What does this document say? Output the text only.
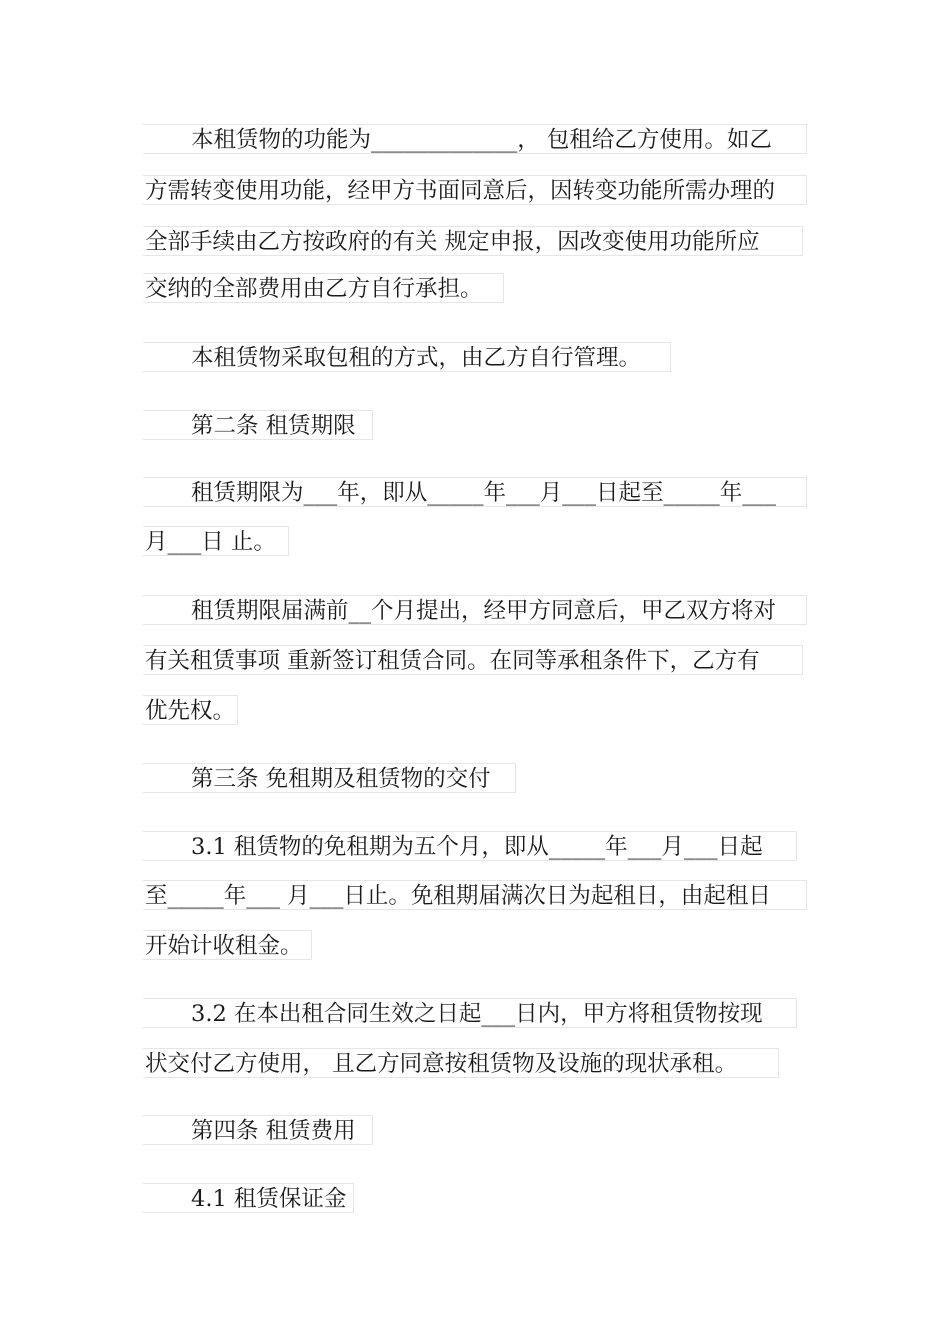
本租赁物的功能为_____________， 包租给乙方使用。如乙
方需转变使用功能，经甲方书面同意后，因转变功能所需办理的
全部手续由乙方按政府的有关 规定申报，因改变使用功能所应
交纳的全部费用由乙方自行承担。
本租赁物采取包租的方式，由乙方自行管理。
第二条 租赁期限
租赁期限为___年，即从_____年___月___日起至_____年___
月___日 止。
租赁期限届满前__个月提出，经甲方同意后，甲乙双方将对
有关租赁事项 重新签订租赁合同。在同等承租条件下，乙方有
优先权。
第三条 免租期及租赁物的交付
3.1 租赁物的免租期为五个月，即从_____年___月___日起
至_____年___ 月___日止。免租期届满次日为起租日，由起租日
开始计收租金。
3.2 在本出租合同生效之日起___日内，甲方将租赁物按现
状交付乙方使用， 且乙方同意按租赁物及设施的现状承租。
第四条 租赁费用
4.1 租赁保证金
